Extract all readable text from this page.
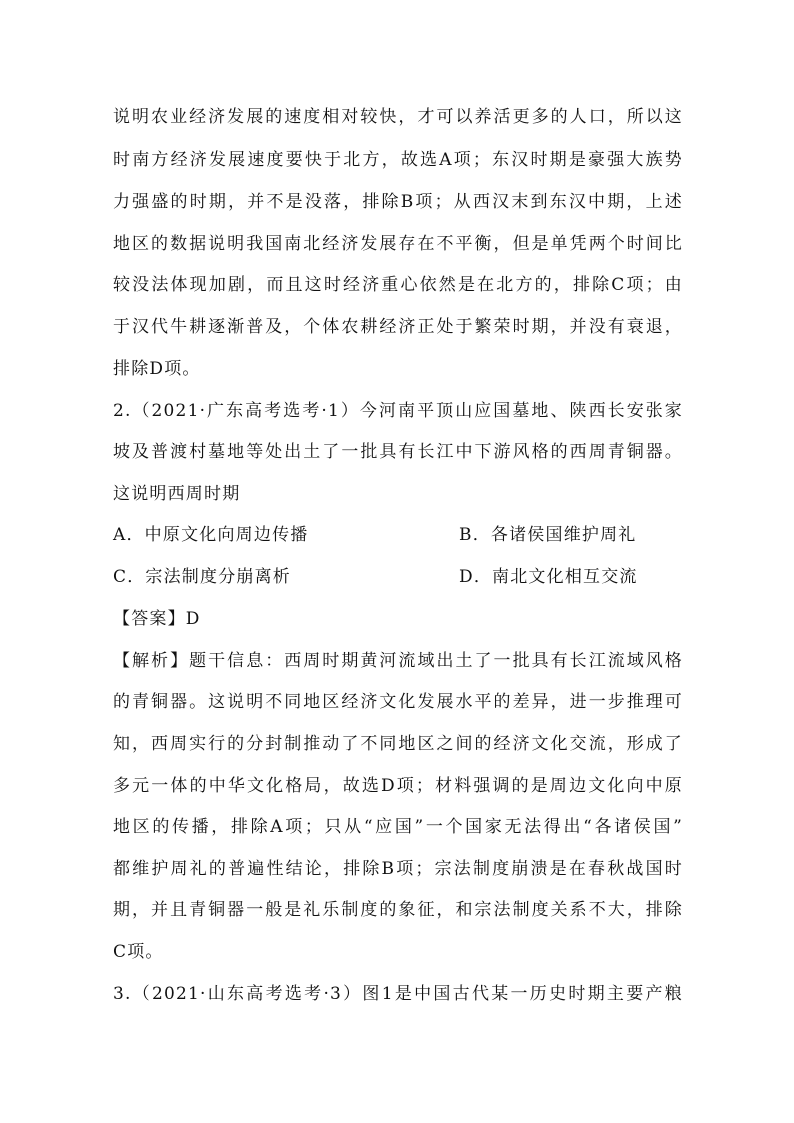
说明农业经济发展的速度相对较快，才可以养活更多的人口，所以这
时南方经济发展速度要快于北方，故选A项；东汉时期是豪强大族势
力强盛的时期，并不是没落，排除B项；从西汉末到东汉中期，上述
地区的数据说明我国南北经济发展存在不平衡，但是单凭两个时间比
较没法体现加剧，而且这时经济重心依然是在北方的，排除C项；由
于汉代牛耕逐渐普及，个体农耕经济正处于繁荣时期，并没有衰退，
排除D项。
2.（2021·广东高考选考·1）今河南平顶山应国墓地、陕西长安张家
坡及普渡村墓地等处出土了一批具有长江中下游风格的西周青铜器。
这说明西周时期
A．中原文化向周边传播	B．各诸侯国维护周礼
C．宗法制度分崩离析	D．南北文化相互交流
【答案】D
【解析】题干信息：西周时期黄河流域出土了一批具有长江流域风格
的青铜器。这说明不同地区经济文化发展水平的差异，进一步推理可
知，西周实行的分封制推动了不同地区之间的经济文化交流，形成了
多元一体的中华文化格局，故选D项；材料强调的是周边文化向中原
地区的传播，排除A项；只从“应国”一个国家无法得出“各诸侯国”
都维护周礼的普遍性结论，排除B项；宗法制度崩溃是在春秋战国时
期，并且青铜器一般是礼乐制度的象征，和宗法制度关系不大，排除
C项。
3.（2021·山东高考选考·3）图1是中国古代某一历史时期主要产粮
